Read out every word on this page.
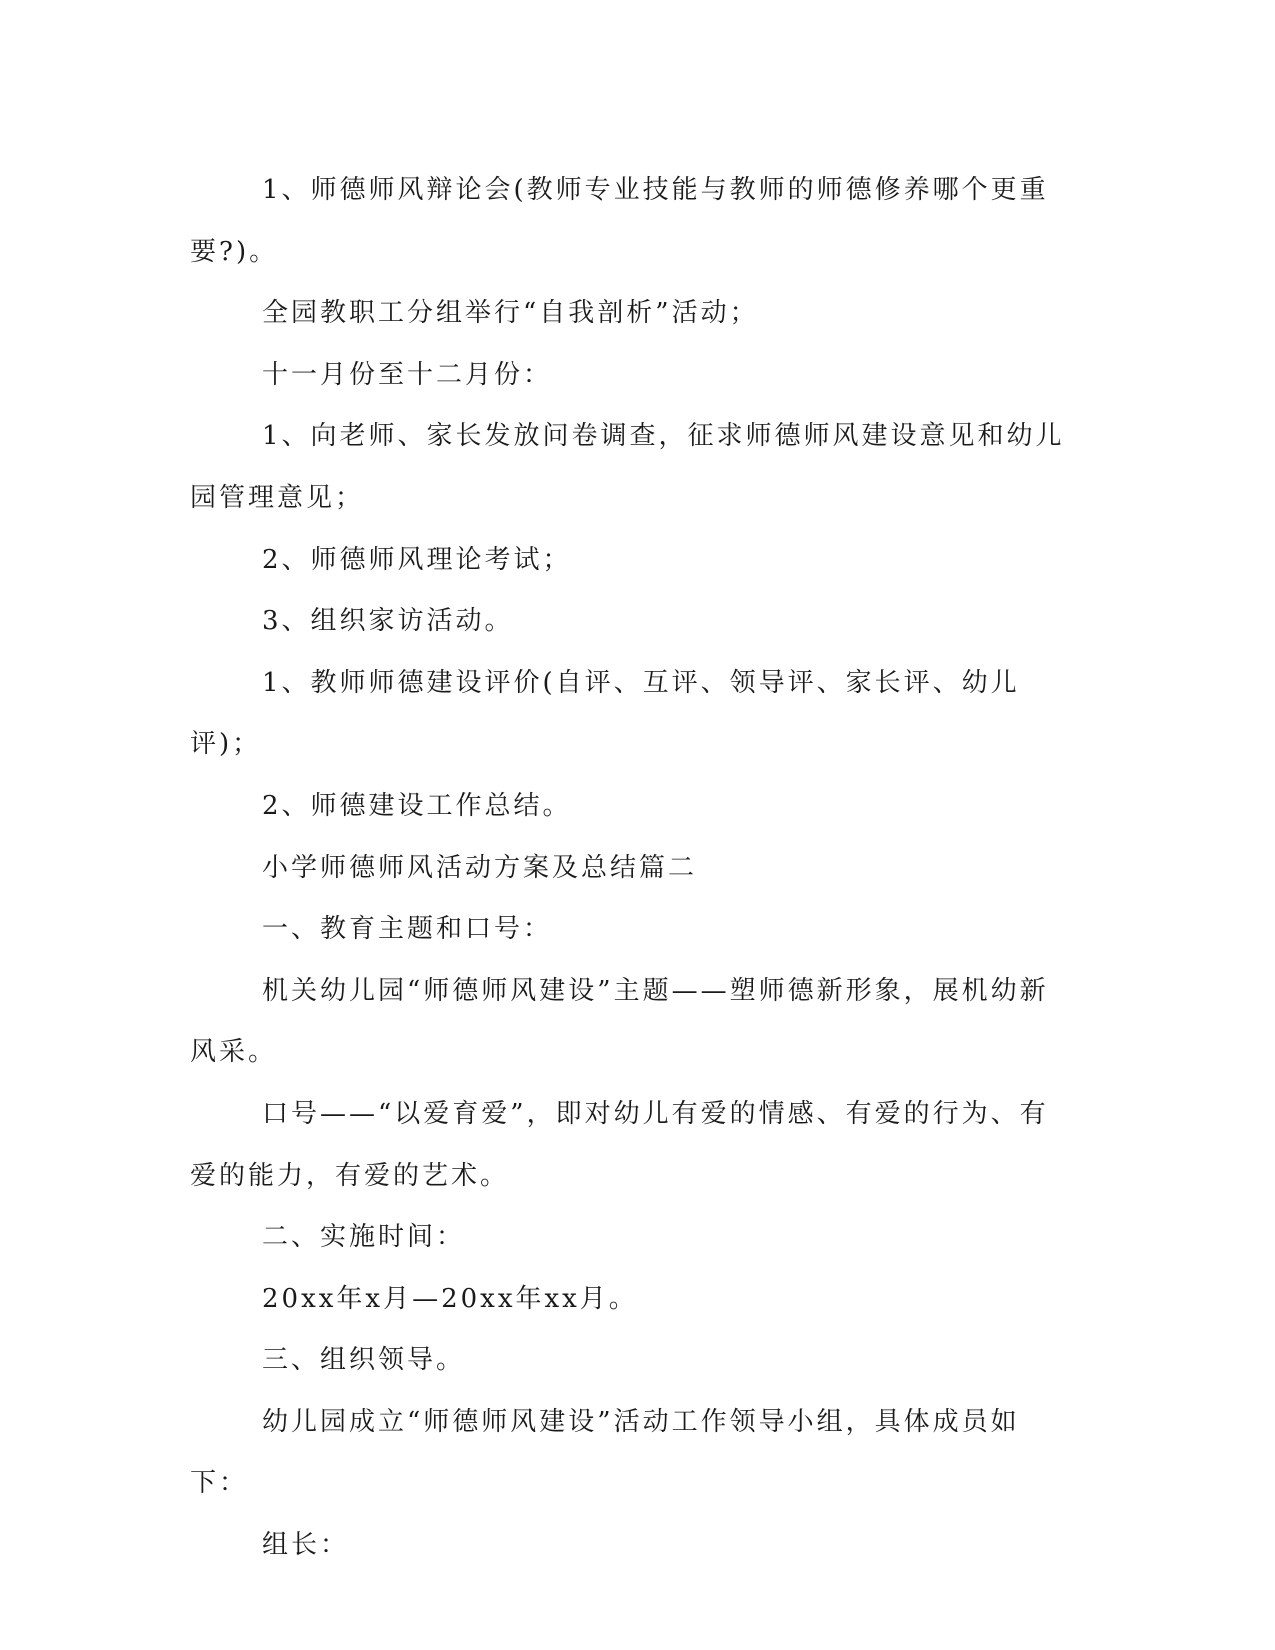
1、师德师风辩论会(教师专业技能与教师的师德修养哪个更重要?)。

全园教职工分组举行“自我剖析”活动；

十一月份至十二月份：

1、向老师、家长发放问卷调查，征求师德师风建设意见和幼儿园管理意见；

2、师德师风理论考试；

3、组织家访活动。

1、教师师德建设评价(自评、互评、领导评、家长评、幼儿评)；

2、师德建设工作总结。

小学师德师风活动方案及总结篇二

一、教育主题和口号：

机关幼儿园“师德师风建设”主题——塑师德新形象，展机幼新风采。

口号——“以爱育爱”，即对幼儿有爱的情感、有爱的行为、有爱的能力，有爱的艺术。

二、实施时间：

20xx年x月—20xx年xx月。

三、组织领导。

幼儿园成立“师德师风建设”活动工作领导小组，具体成员如下：

组长：
